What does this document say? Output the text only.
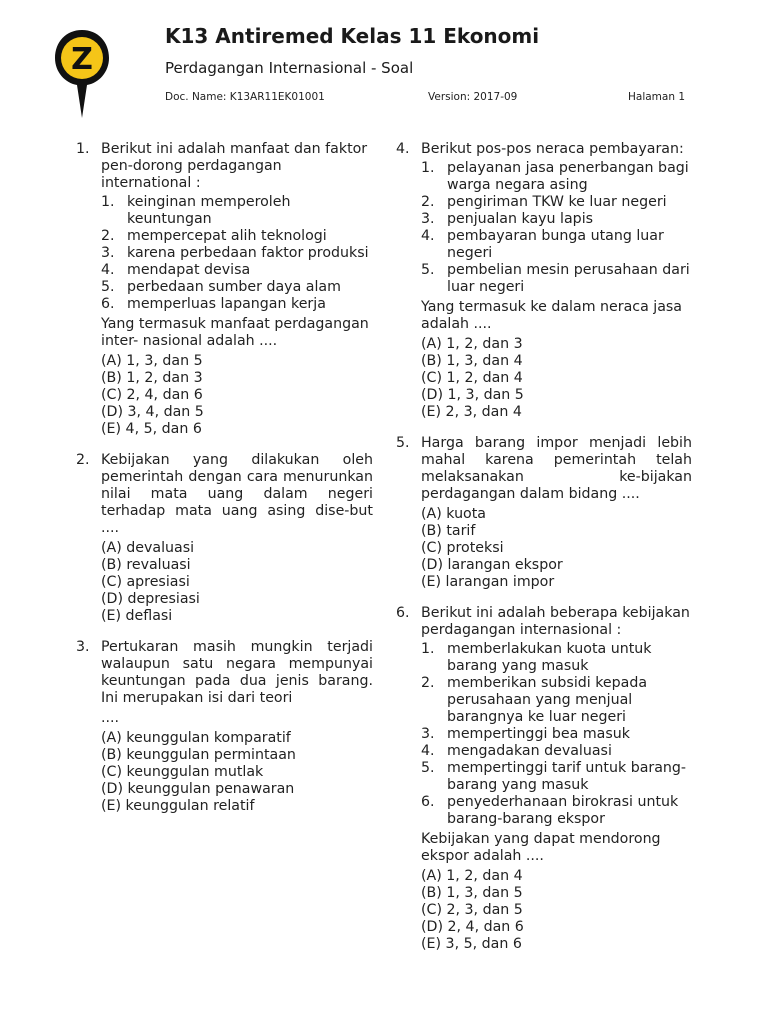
Z
K13 Antiremed Kelas 11 Ekonomi
Perdagangan Internasional - Soal
Doc. Name: K13AR11EK01001	Version: 2017-09	Halaman 1
1. Berikut ini adalah manfaat dan faktor pen-dorong perdagangan international :
1. keinginan memperoleh keuntungan
2. mempercepat alih teknologi
3. karena perbedaan faktor produksi
4. mendapat devisa
5. perbedaan sumber daya alam
6. memperluas lapangan kerja
Yang termasuk manfaat perdagangan inter- nasional adalah ....
(A) 1, 3, dan 5
(B) 1, 2, dan 3
(C) 2, 4, dan 6
(D) 3, 4, dan 5
(E) 4, 5, dan 6
2. Kebijakan yang dilakukan oleh pemerintah dengan cara menurunkan nilai mata uang dalam negeri terhadap mata uang asing dise-but ....
(A) devaluasi
(B) revaluasi
(C) apresiasi
(D) depresiasi
(E) deflasi
3. Pertukaran masih mungkin terjadi walaupun satu negara mempunyai keuntungan pada dua jenis barang. Ini merupakan isi dari teori
....
(A) keunggulan komparatif
(B) keunggulan permintaan
(C) keunggulan mutlak
(D) keunggulan penawaran
(E) keunggulan relatif
4. Berikut pos-pos neraca pembayaran:
1. pelayanan jasa penerbangan bagi warga negara asing
2. pengiriman TKW ke luar negeri
3. penjualan kayu lapis
4. pembayaran bunga utang luar negeri
5. pembelian mesin perusahaan dari luar negeri
Yang termasuk ke dalam neraca jasa adalah ....
(A) 1, 2, dan 3
(B) 1, 3, dan 4
(C) 1, 2, dan 4
(D) 1, 3, dan 5
(E) 2, 3, dan 4
5. Harga barang impor menjadi lebih mahal karena pemerintah telah melaksanakan ke-bijakan perdagangan dalam bidang ....
(A) kuota
(B) tarif
(C) proteksi
(D) larangan ekspor
(E) larangan impor
6. Berikut ini adalah beberapa kebijakan perdagangan internasional :
1. memberlakukan kuota untuk barang yang masuk
2. memberikan subsidi kepada perusahaan yang menjual barangnya ke luar negeri
3. mempertinggi bea masuk
4. mengadakan devaluasi
5. mempertinggi tarif untuk barang-barang yang masuk
6. penyederhanaan birokrasi untuk barang-barang ekspor
Kebijakan yang dapat mendorong ekspor adalah ....
(A) 1, 2, dan 4
(B) 1, 3, dan 5
(C) 2, 3, dan 5
(D) 2, 4, dan 6
(E) 3, 5, dan 6
